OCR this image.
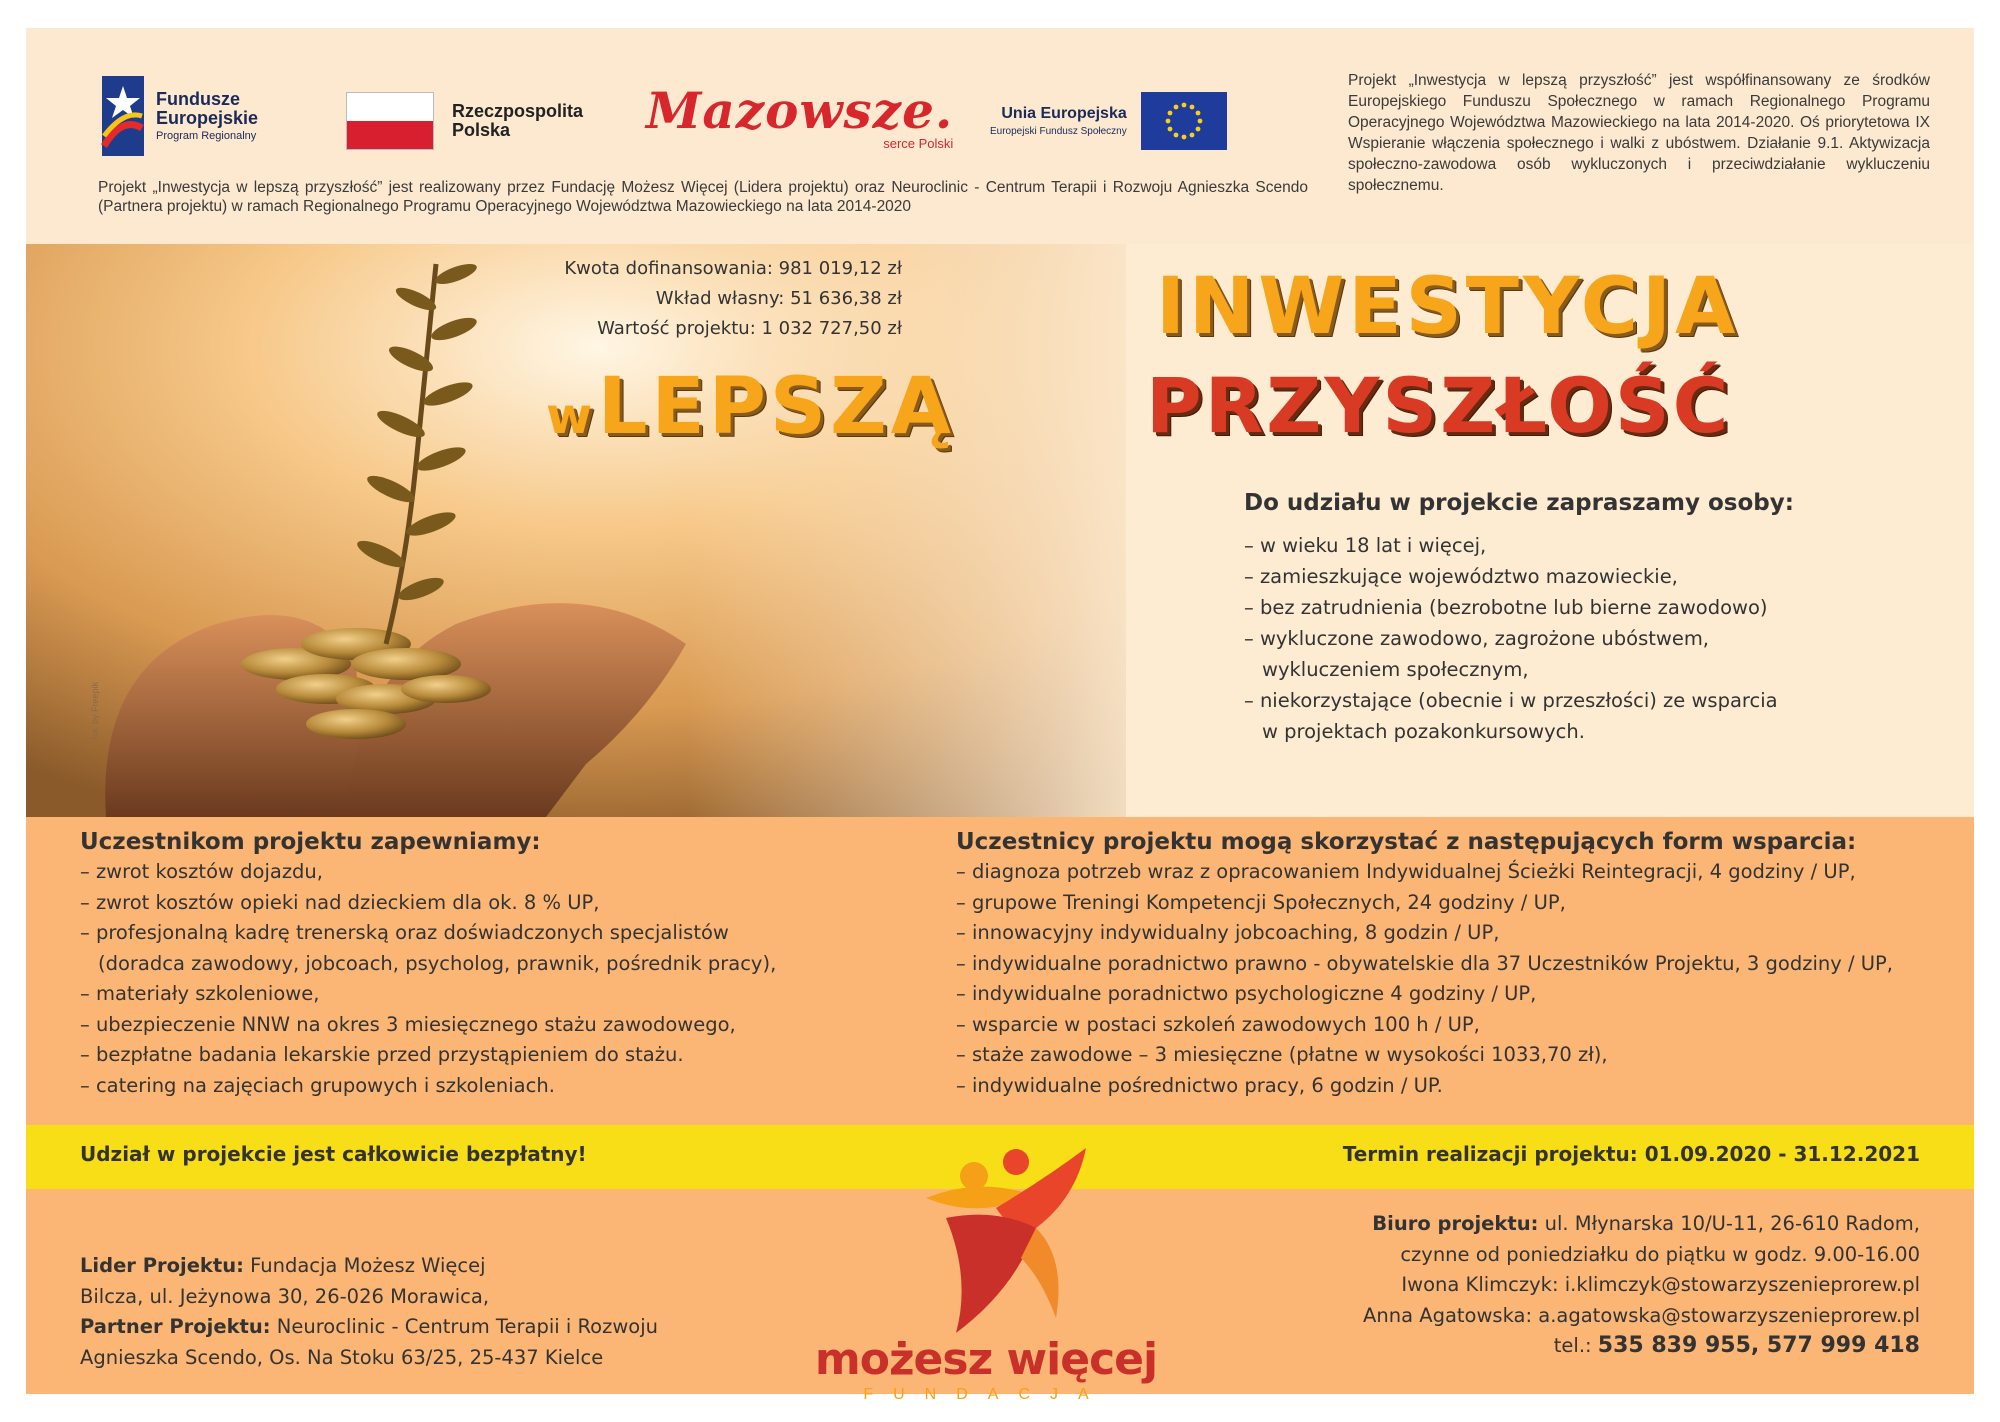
Fundusze
Europejskie
Program Regionalny
Rzeczpospolita
Polska	Mazowsze.
serce Polski
Unia Europejska
Europejski Fundusz Społeczny
Projekt „Inwestycja w lepszą przyszłość” jest realizowany przez Fundację Możesz Więcej (Lidera projektu) oraz Neuroclinic - Centrum Terapii i Rozwoju Agnieszka Scendo (Partnera projektu) w ramach Regionalnego Programu Operacyjnego Województwa Mazowieckiego na lata 2014-2020
Projekt „Inwestycja w lepszą przyszłość” jest współfinansowany ze środków Europejskiego Funduszu Społecznego w ramach Regionalnego Programu Operacyjnego Województwa Mazowieckiego na lata 2014-2020. Oś priorytetowa IX Wspieranie włączenia społecznego i walki z ubóstwem. Działanie 9.1. Aktywizacja społeczno-zawodowa osób wykluczonych i przeciwdziałanie wykluczeniu społecznemu.
fot. by Freepik
Kwota dofinansowania: 981 019,12 zł
Wkład własny: 51 636,38 zł
Wartość projektu: 1 032 727,50 zł	INWESTYCJA
w LEPSZĄ	PRZYSZŁOŚĆ
Do udziału w projekcie zapraszamy osoby:
– w wieku 18 lat i więcej,
– zamieszkujące województwo mazowieckie,
– bez zatrudnienia (bezrobotne lub bierne zawodowo)
– wykluczone zawodowo, zagrożone ubóstwem,
wykluczeniem społecznym,
– niekorzystające (obecnie i w przeszłości) ze wsparcia
w projektach pozakonkursowych.
Uczestnikom projektu zapewniamy:
– zwrot kosztów dojazdu,
– zwrot kosztów opieki nad dzieckiem dla ok. 8 % UP,
– profesjonalną kadrę trenerską oraz doświadczonych specjalistów
(doradca zawodowy, jobcoach, psycholog, prawnik, pośrednik pracy),
– materiały szkoleniowe,
– ubezpieczenie NNW na okres 3 miesięcznego stażu zawodowego,
– bezpłatne badania lekarskie przed przystąpieniem do stażu.
– catering na zajęciach grupowych i szkoleniach.
Uczestnicy projektu mogą skorzystać z następujących form wsparcia:
– diagnoza potrzeb wraz z opracowaniem Indywidualnej Ścieżki Reintegracji, 4 godziny / UP,
– grupowe Treningi Kompetencji Społecznych, 24 godziny / UP,
– innowacyjny indywidualny jobcoaching, 8 godzin / UP,
– indywidualne poradnictwo prawno - obywatelskie dla 37 Uczestników Projektu, 3 godziny / UP,
– indywidualne poradnictwo psychologiczne 4 godziny / UP,
– wsparcie w postaci szkoleń zawodowych 100 h / UP,
– staże zawodowe – 3 miesięczne (płatne w wysokości 1033,70 zł),
– indywidualne pośrednictwo pracy, 6 godzin / UP.
Udział w projekcie jest całkowicie bezpłatny!	Termin realizacji projektu: 01.09.2020 - 31.12.2021
Lider Projektu: Fundacja Możesz Więcej
Bilcza, ul. Jeżynowa 30, 26-026 Morawica,
Partner Projektu: Neuroclinic - Centrum Terapii i Rozwoju
Agnieszka Scendo, Os. Na Stoku 63/25, 25-437 Kielce
Biuro projektu: ul. Młynarska 10/U-11, 26-610 Radom,
czynne od poniedziałku do piątku w godz. 9.00-16.00
Iwona Klimczyk: i.klimczyk@stowarzyszenieprorew.pl
Anna Agatowska: a.agatowska@stowarzyszenieprorew.pl
tel.: 535 839 955, 577 999 418
możesz więcej
FUNDACJA
